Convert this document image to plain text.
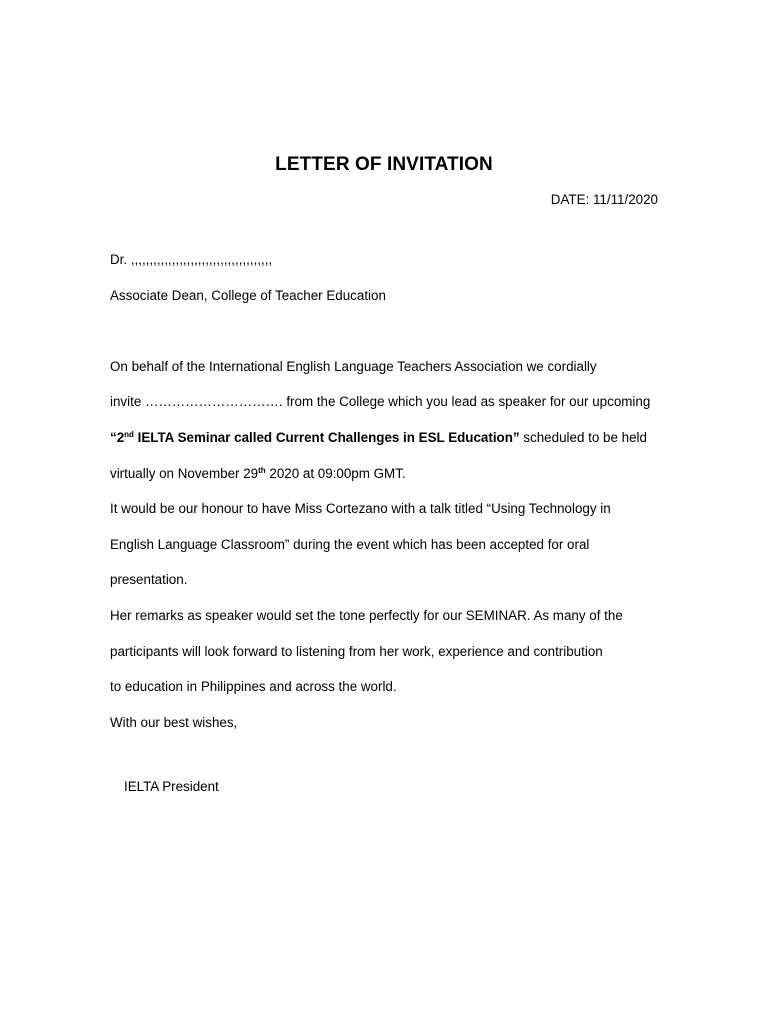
LETTER OF INVITATION
DATE: 11/11/2020
Dr. ,,,,,,,,,,,,,,,,,,,,,,,,,,,,,,,,,,,,,,
Associate Dean, College of Teacher Education
On behalf of the International English Language Teachers Association we cordially
invite …………………………. from the College which you lead as speaker for our upcoming
“2nd IELTA Seminar called Current Challenges in ESL Education” scheduled to be held
virtually on November 29th 2020 at 09:00pm GMT.
It would be our honour to have Miss Cortezano with a talk titled “Using Technology in
English Language Classroom” during the event which has been accepted for oral
presentation.
Her remarks as speaker would set the tone perfectly for our SEMINAR. As many of the
participants will look forward to listening from her work, experience and contribution
to education in Philippines and across the world.
With our best wishes,
IELTA President
